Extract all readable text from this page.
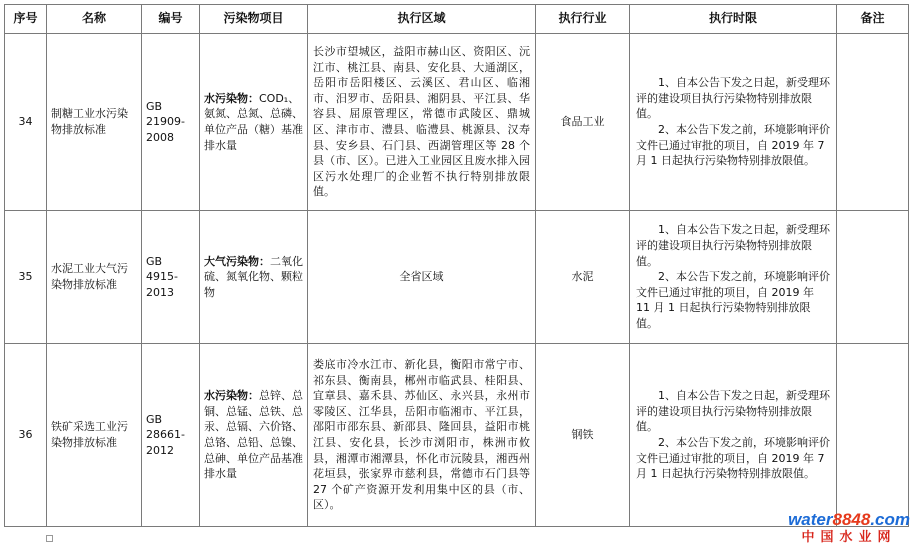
序号	名称	编号	污染物项目	执行区域	执行行业	执行时限	备注
34	制糖工业水污染物排放标准	GB 21909-2008	水污染物：COD₁、氨氮、总氮、总磷、单位产品（糖）基准排水量	长沙市望城区，益阳市赫山区、资阳区、沅江市、桃江县、南县、安化县、大通湖区，岳阳市岳阳楼区、云溪区、君山区、临湘市、汨罗市、岳阳县、湘阴县、平江县、华容县、屈原管理区，常德市武陵区、鼎城区、津市市、澧县、临澧县、桃源县、汉寿县、安乡县、石门县、西湖管理区等 28 个县（市、区）。已进入工业园区且废水排入园区污水处理厂的企业暂不执行特别排放限值。	食品工业	1、自本公告下发之日起，新受理环评的建设项目执行污染物特别排放限值。

2、本公告下发之前，环境影响评价文件已通过审批的项目，自 2019 年 7 月 1 日起执行污染物特别排放限值。	

35	水泥工业大气污染物排放标准	GB 4915-2013	大气污染物：二氧化硫、氮氧化物、颗粒物	全省区域	水泥	1、自本公告下发之日起，新受理环评的建设项目执行污染物特别排放限值。

2、本公告下发之前，环境影响评价文件已通过审批的项目，自 2019 年 11 月 1 日起执行污染物特别排放限值。	

36	铁矿采选工业污染物排放标准	GB 28661-2012	水污染物：总锌、总铜、总锰、总铁、总汞、总镉、六价铬、总铬、总铅、总镍、总砷、单位产品基准排水量	娄底市冷水江市、新化县，衡阳市常宁市、祁东县、衡南县，郴州市临武县、桂阳县、宜章县、嘉禾县、苏仙区、永兴县，永州市零陵区、江华县，岳阳市临湘市、平江县，邵阳市邵东县、新邵县、隆回县，益阳市桃江县、安化县，长沙市浏阳市，株洲市攸县，湘潭市湘潭县，怀化市沅陵县，湘西州花垣县，张家界市慈利县，常德市石门县等 27 个矿产资源开发利用集中区的县（市、区）。	钢铁	1、自本公告下发之日起，新受理环评的建设项目执行污染物特别排放限值。

2、本公告下发之前，环境影响评价文件已通过审批的项目，自 2019 年 7 月 1 日起执行污染物特别排放限值。	

water8848.com
中国水业网
